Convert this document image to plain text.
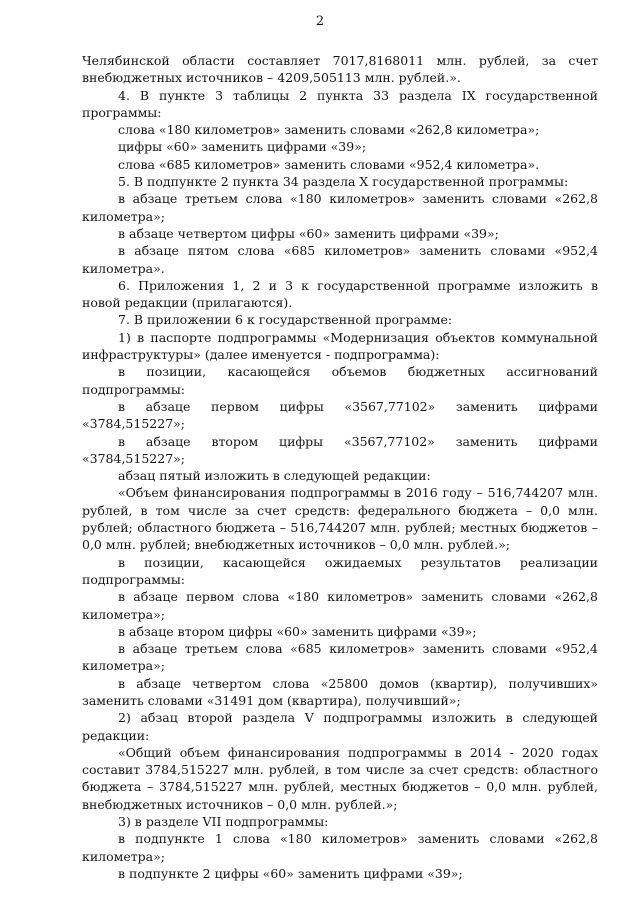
2

Челябинской области составляет 7017,8168011 млн. рублей, за счет внебюджетных источников – 4209,505113 млн. рублей.».

4. В пункте 3 таблицы 2 пункта 33 раздела IX государственной программы:

слова «180 километров» заменить словами «262,8 километра»;

цифры «60» заменить цифрами «39»;

слова «685 километров» заменить словами «952,4 километра».

5. В подпункте 2 пункта 34 раздела X государственной программы:

в абзаце третьем слова «180 километров» заменить словами «262,8 километра»;

в абзаце четвертом цифры «60» заменить цифрами «39»;

в абзаце пятом слова «685 километров» заменить словами «952,4 километра».

6. Приложения 1, 2 и 3 к государственной программе изложить в новой редакции (прилагаются).

7. В приложении 6 к государственной программе:

1) в паспорте подпрограммы «Модернизация объектов коммунальной инфраструктуры» (далее именуется - подпрограмма):

в позиции, касающейся объемов бюджетных ассигнований подпрограммы:

в абзаце первом цифры «3567,77102» заменить цифрами «3784,515227»;

в абзаце втором цифры «3567,77102» заменить цифрами «3784,515227»;

абзац пятый изложить в следующей редакции:

«Объем финансирования подпрограммы в 2016 году – 516,744207 млн. рублей, в том числе за счет средств: федерального бюджета – 0,0 млн. рублей; областного бюджета – 516,744207 млн. рублей; местных бюджетов – 0,0 млн. рублей; внебюджетных источников – 0,0 млн. рублей.»;

в позиции, касающейся ожидаемых результатов реализации подпрограммы:

в абзаце первом слова «180 километров» заменить словами «262,8 километра»;

в абзаце втором цифры «60» заменить цифрами «39»;

в абзаце третьем слова «685 километров» заменить словами «952,4 километра»;

в абзаце четвертом слова «25800 домов (квартир), получивших» заменить словами «31491 дом (квартира), получивший»;

2) абзац второй раздела V подпрограммы изложить в следующей редакции:

«Общий объем финансирования подпрограммы в 2014 - 2020 годах составит 3784,515227 млн. рублей, в том числе за счет средств: областного бюджета – 3784,515227 млн. рублей, местных бюджетов – 0,0 млн. рублей, внебюджетных источников – 0,0 млн. рублей.»;

3) в разделе VII подпрограммы:

в подпункте 1 слова «180 километров» заменить словами «262,8 километра»;

в подпункте 2 цифры «60» заменить цифрами «39»;
